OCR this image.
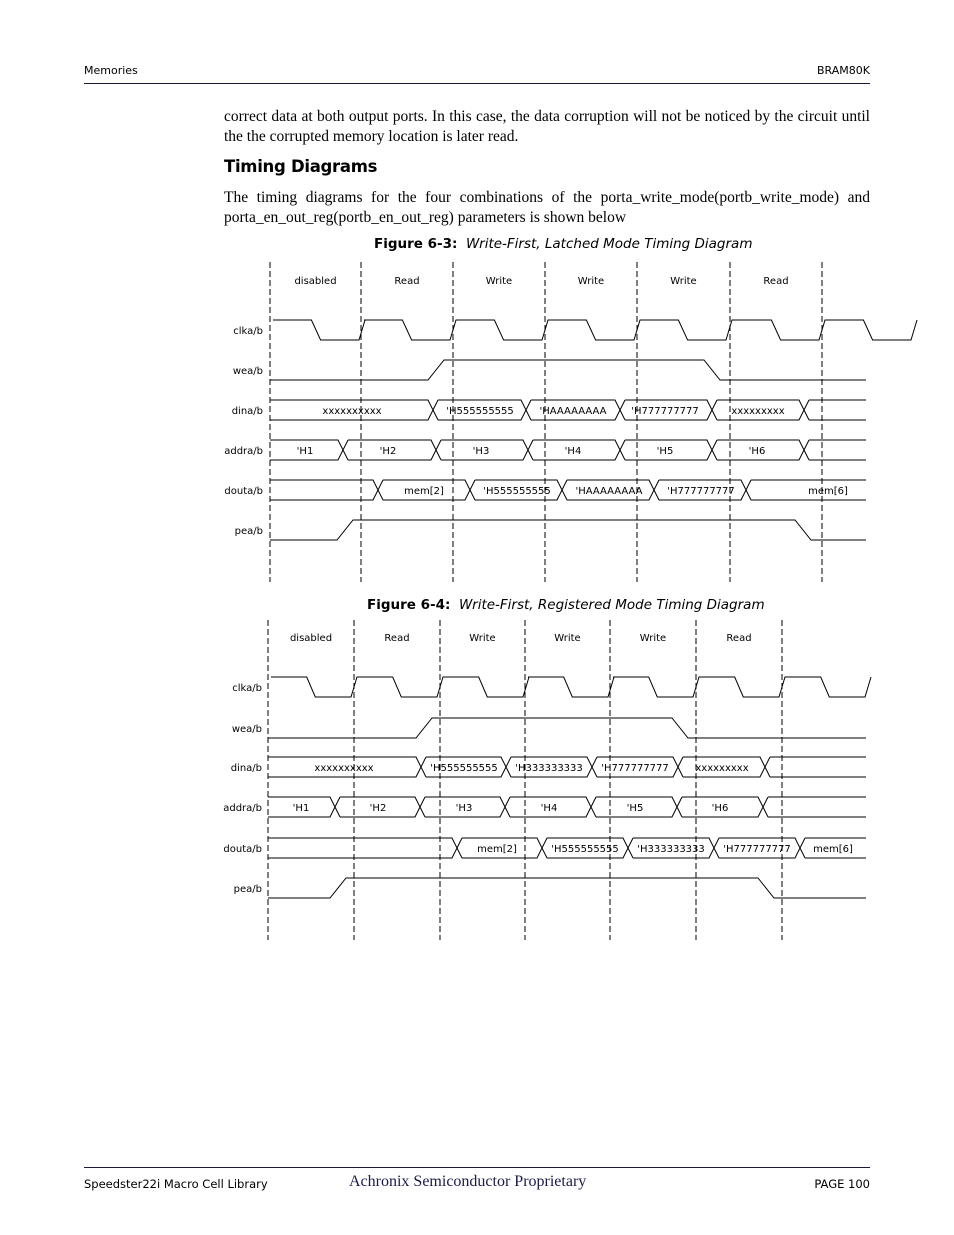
Memories	BRAM80K

correct data at both output ports. In this case, the data corruption will not be noticed by the circuit until the the corrupted memory location is later read.

Timing Diagrams

The timing diagrams for the four combinations of the porta_write_mode(portb_write_mode) and porta_en_out_reg(portb_en_out_reg) parameters is shown below

Figure 6-3: Write-First, Latched Mode Timing Diagram
disabled	Read	Write	Write	Write	Read
clka/b
wea/b
dina/b
addra/b
douta/b
pea/b
xxxxxxxxxx	'H555555555	'HAAAAAAAA 'H777777777	xxxxxxxxx
'H1	'H2	'H3	'H4	'H5	'H6
mem[2]	'H555555555 'HAAAAAAAA 'H777777777	mem[6]
Figure 6-4: Write-First, Registered Mode Timing Diagram
disabled	Read	Write	Write	Write	Read
clka/b
wea/b
dina/b
addra/b
douta/b
pea/b
xxxxxxxxxx	'H555555555 'H333333333 'H777777777	xxxxxxxxx
'H1	'H2	'H3	'H4	'H5	'H6
mem[2]	'H555555555 'H333333333 'H777777777 mem[6]
Speedster22i Macro Cell Library	Achronix Semiconductor Proprietary	PAGE 100
